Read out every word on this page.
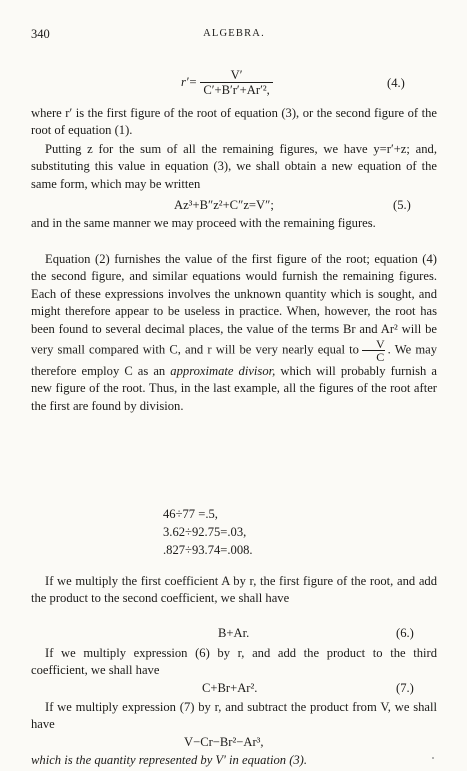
340	ALGEBRA.
$r'= \frac{V'}{\text{C′+B′r′+Ar′²,}}$	(4.)

where r′ is the first figure of the root of equation (3), or the second figure of the root of equation (1).

Putting z for the sum of all the remaining figures, we have y=r′+z; and, substituting this value in equation (3), we shall obtain a new equation of the same form, which may be written

Az³+B″z²+C″z=V″;	(5.)

and in the same manner we may proceed with the remaining figures.

Equation (2) furnishes the value of the first figure of the root; equation (4) the second figure, and similar equations would furnish the remaining figures. Each of these expressions involves the unknown quantity which is sought, and might therefore appear to be useless in practice. When, however, the root has been found to several decimal places, the value of the terms Br and Ar² will be very small compared with C, and r will be very nearly equal to $\frac{V}{C}$ . We may therefore employ C as an approximate divisor, which will probably furnish a new figure of the root. Thus, in the last example, all the figures of the root after the first are found by division.

46÷77 =.5,
3.62÷92.75=.03,
.827÷93.74=.008.

If we multiply the first coefficient A by r, the first figure of the root, and add the product to the second coefficient, we shall have

B+Ar.	(6.)

If we multiply expression (6) by r, and add the product to the third coefficient, we shall have

C+Br+Ar².	(7.)

If we multiply expression (7) by r, and subtract the product from V, we shall have

V−Cr−Br²−Ar³,

which is the quantity represented by V′ in equation (3).
